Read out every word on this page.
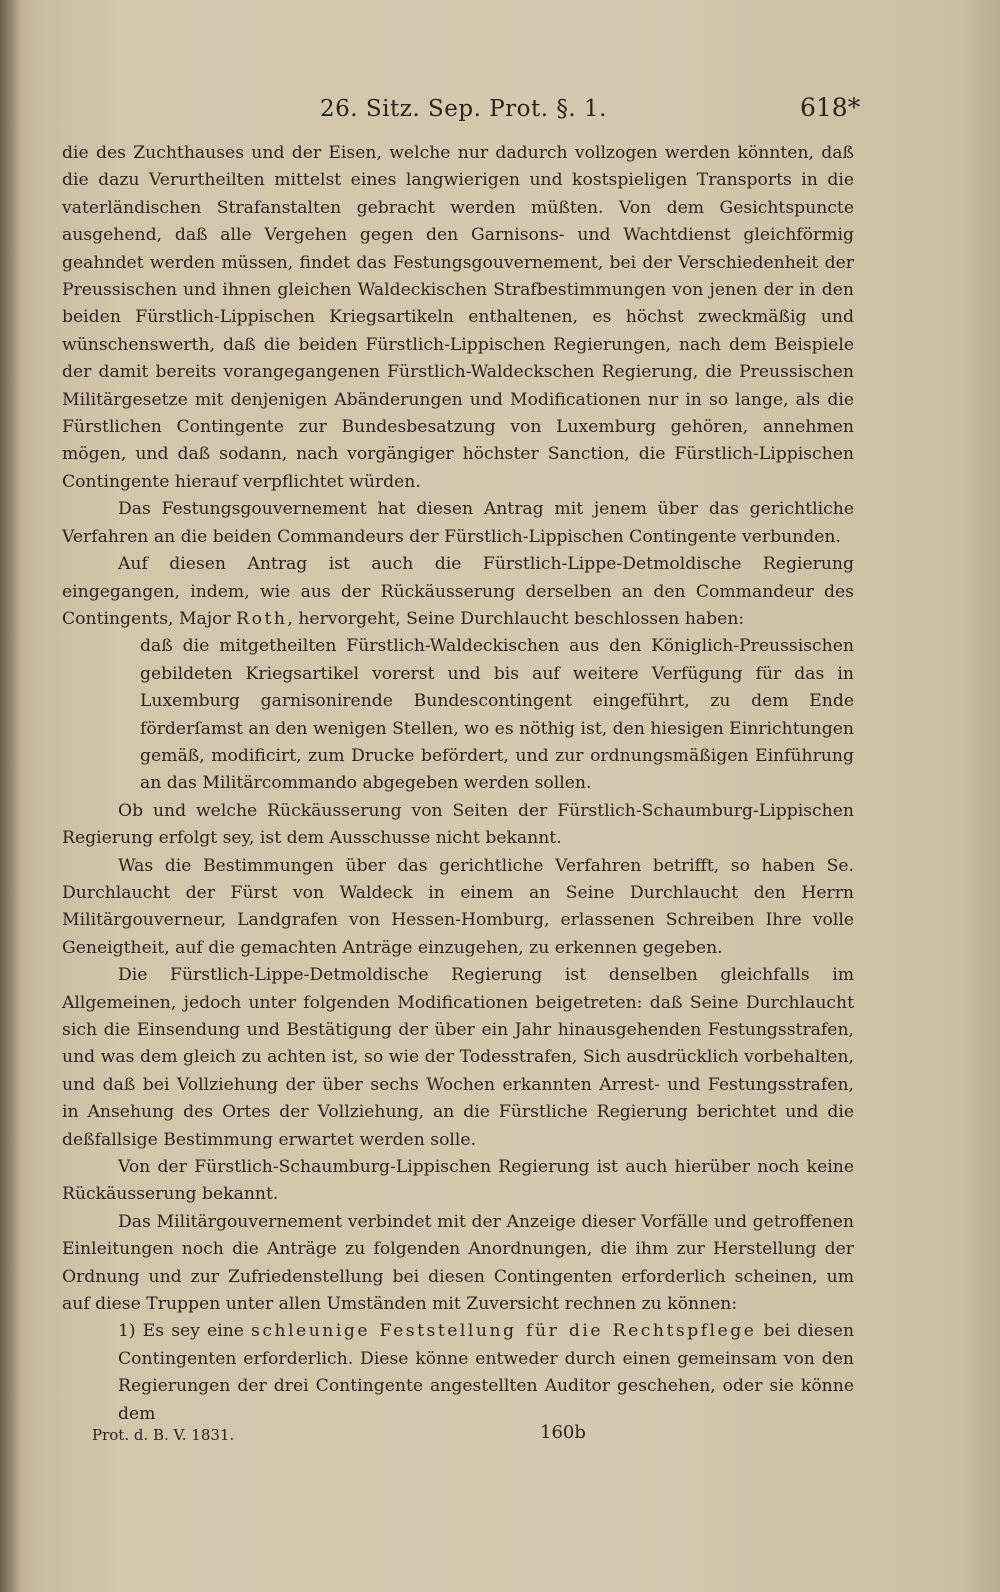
26. Sitz. Sep. Prot. §. 1.	618*

die des Zuchthauses und der Eisen, welche nur dadurch vollzogen werden könnten, daß die dazu Verurtheilten mittelst eines langwierigen und kostspieligen Transports in die vaterländischen Strafanstalten gebracht werden müßten. Von dem Gesichtspuncte ausgehend, daß alle Vergehen gegen den Garnisons- und Wachtdienst gleichförmig geahndet werden müssen, findet das Festungsgouvernement, bei der Verschiedenheit der Preussischen und ihnen gleichen Waldeckischen Strafbestimmungen von jenen der in den beiden Fürstlich-Lippischen Kriegsartikeln enthaltenen, es höchst zweckmäßig und wünschenswerth, daß die beiden Fürstlich-Lippischen Regierungen, nach dem Beispiele der damit bereits vorangegangenen Fürstlich-Waldeckschen Regierung, die Preussischen Militärgesetze mit denjenigen Abänderungen und Modificationen nur in so lange, als die Fürstlichen Contingente zur Bundesbesatzung von Luxemburg gehören, annehmen mögen, und daß sodann, nach vorgängiger höchster Sanction, die Fürstlich-Lippischen Contingente hierauf verpflichtet würden.

Das Festungsgouvernement hat diesen Antrag mit jenem über das gerichtliche Verfahren an die beiden Commandeurs der Fürstlich-Lippischen Contingente verbunden.

Auf diesen Antrag ist auch die Fürstlich-Lippe-Detmoldische Regierung eingegangen, indem, wie aus der Rückäusserung derselben an den Commandeur des Contingents, Major Roth, hervorgeht, Seine Durchlaucht beschlossen haben:

daß die mitgetheilten Fürstlich-Waldeckischen aus den Königlich-Preussischen gebildeten Kriegsartikel vorerst und bis auf weitere Verfügung für das in Luxemburg garnisonirende Bundescontingent eingeführt, zu dem Ende förderſamst an den wenigen Stellen, wo es nöthig ist, den hiesigen Einrichtungen gemäß, modificirt, zum Drucke befördert, und zur ordnungsmäßigen Einführung an das Militärcommando abgegeben werden sollen.

Ob und welche Rückäusserung von Seiten der Fürstlich-Schaumburg-Lippischen Regierung erfolgt sey, ist dem Ausschusse nicht bekannt.

Was die Bestimmungen über das gerichtliche Verfahren betrifft, so haben Se. Durchlaucht der Fürst von Waldeck in einem an Seine Durchlaucht den Herrn Militärgouverneur, Landgrafen von Hessen-Homburg, erlassenen Schreiben Ihre volle Geneigtheit, auf die gemachten Anträge einzugehen, zu erkennen gegeben.

Die Fürstlich-Lippe-Detmoldische Regierung ist denselben gleichfalls im Allgemeinen, jedoch unter folgenden Modificationen beigetreten: daß Seine Durchlaucht sich die Einsendung und Bestätigung der über ein Jahr hinausgehenden Festungsstrafen, und was dem gleich zu achten ist, so wie der Todesstrafen, Sich ausdrücklich vorbehalten, und daß bei Vollziehung der über sechs Wochen erkannten Arrest- und Festungsstrafen, in Ansehung des Ortes der Vollziehung, an die Fürstliche Regierung berichtet und die deßfallsige Bestimmung erwartet werden solle.

Von der Fürstlich-Schaumburg-Lippischen Regierung ist auch hierüber noch keine Rückäusserung bekannt.

Das Militärgouvernement verbindet mit der Anzeige dieser Vorfälle und getroffenen Einleitungen noch die Anträge zu folgenden Anordnungen, die ihm zur Herstellung der Ordnung und zur Zufriedenstellung bei diesen Contingenten erforderlich scheinen, um auf diese Truppen unter allen Umständen mit Zuversicht rechnen zu können:

1) Es sey eine schleunige Feststellung für die Rechtspflege bei diesen Contingenten erforderlich. Diese könne entweder durch einen gemeinsam von den Regierungen der drei Contingente angestellten Auditor geschehen, oder sie könne dem

Prot. d. B. V. 1831.	160b
